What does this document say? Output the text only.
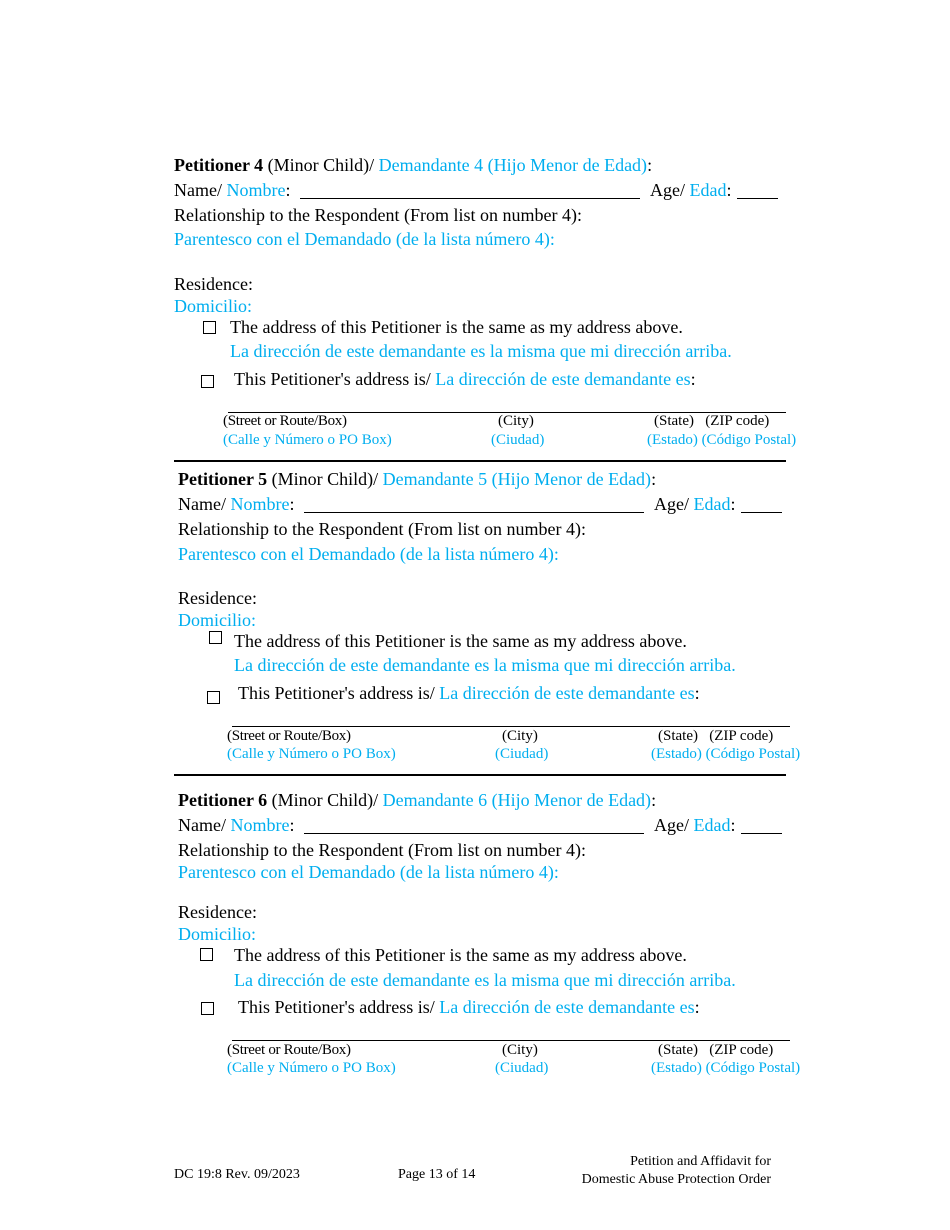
Petitioner 4 (Minor Child)/ Demandante 4 (Hijo Menor de Edad):
Name/ Nombre:	Age/ Edad:
Relationship to the Respondent (From list on number 4):
Parentesco con el Demandado (de la lista número 4):
Residence:
Domicilio:
The address of this Petitioner is the same as my address above.
La dirección de este demandante es la misma que mi dirección arriba.
This Petitioner's address is/ La dirección de este demandante es:
(Street or Route/Box)	(City)	(State)   (ZIP code)
(Calle y Número o PO Box)	(Ciudad)	(Estado) (Código Postal)
Petitioner 5 (Minor Child)/ Demandante 5 (Hijo Menor de Edad):
Name/ Nombre:	Age/ Edad:
Relationship to the Respondent (From list on number 4):
Parentesco con el Demandado (de la lista número 4):
Residence:
Domicilio:
The address of this Petitioner is the same as my address above.
La dirección de este demandante es la misma que mi dirección arriba.
This Petitioner's address is/ La dirección de este demandante es:
(Street or Route/Box)	(City)	(State)   (ZIP code)
(Calle y Número o PO Box)	(Ciudad)	(Estado) (Código Postal)
Petitioner 6 (Minor Child)/ Demandante 6 (Hijo Menor de Edad):
Name/ Nombre:	Age/ Edad:
Relationship to the Respondent (From list on number 4):
Parentesco con el Demandado (de la lista número 4):
Residence:
Domicilio:
The address of this Petitioner is the same as my address above.
La dirección de este demandante es la misma que mi dirección arriba.
This Petitioner's address is/ La dirección de este demandante es:
(Street or Route/Box)	(City)	(State)   (ZIP code)
(Calle y Número o PO Box)	(Ciudad)	(Estado) (Código Postal)
DC 19:8 Rev. 09/2023	Page 13 of 14
Petition and Affidavit for
Domestic Abuse Protection Order
